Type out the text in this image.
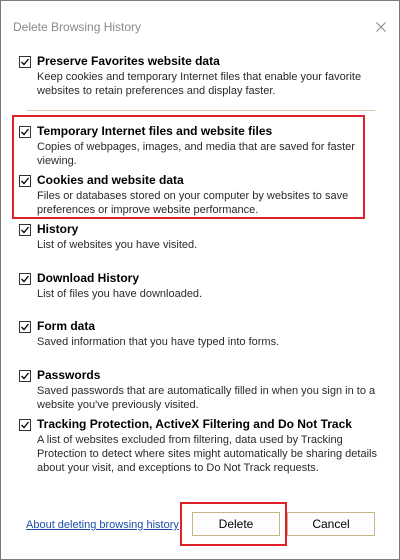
Delete Browsing History
Preserve Favorites website data
Keep cookies and temporary Internet files that enable your favorite websites to retain preferences and display faster.
Temporary Internet files and website files
Copies of webpages, images, and media that are saved for faster viewing.
Cookies and website data
Files or databases stored on your computer by websites to save preferences or improve website performance.
History
List of websites you have visited.
Download History
List of files you have downloaded.
Form data
Saved information that you have typed into forms.
Passwords
Saved passwords that are automatically filled in when you sign in to a website you've previously visited.
Tracking Protection, ActiveX Filtering and Do Not Track
A list of websites excluded from filtering, data used by Tracking Protection to detect where sites might automatically be sharing details about your visit, and exceptions to Do Not Track requests.
About deleting browsing history	Delete	Cancel
